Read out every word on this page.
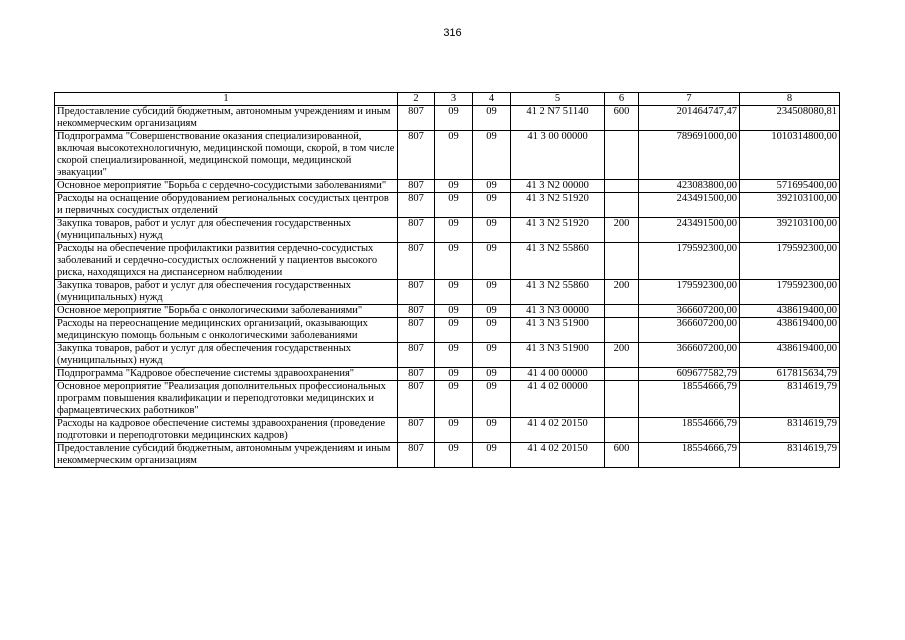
316
1	2	3	4	5	6	7	8
Предоставление субсидий бюджетным, автономным учреждениям и иным некоммерческим организациям	807	09	09	41 2 N7 51140	600	201464747,47	234508080,81
Подпрограмма "Совершенствование оказания специализированной, включая высокотехнологичную, медицинской помощи, скорой, в том числе скорой специализированной, медицинской помощи, медицинской эвакуации"	807	09	09	41 3 00 00000		789691000,00	1010314800,00
Основное мероприятие "Борьба с сердечно-сосудистыми заболеваниями"	807	09	09	41 3 N2 00000		423083800,00	571695400,00
Расходы на оснащение оборудованием региональных сосудистых центров и первичных сосудистых отделений	807	09	09	41 3 N2 51920		243491500,00	392103100,00
Закупка товаров, работ и услуг для обеспечения государственных (муниципальных) нужд	807	09	09	41 3 N2 51920	200	243491500,00	392103100,00
Расходы на обеспечение профилактики развития сердечно-сосудистых заболеваний и сердечно-сосудистых осложнений у пациентов высокого риска, находящихся на диспансерном наблюдении	807	09	09	41 3 N2 55860		179592300,00	179592300,00
Закупка товаров, работ и услуг для обеспечения государственных (муниципальных) нужд	807	09	09	41 3 N2 55860	200	179592300,00	179592300,00
Основное мероприятие "Борьба с онкологическими заболеваниями"	807	09	09	41 3 N3 00000		366607200,00	438619400,00
Расходы на переоснащение медицинских организаций, оказывающих медицинскую помощь больным с онкологическими заболеваниями	807	09	09	41 3 N3 51900		366607200,00	438619400,00
Закупка товаров, работ и услуг для обеспечения государственных (муниципальных) нужд	807	09	09	41 3 N3 51900	200	366607200,00	438619400,00
Подпрограмма "Кадровое обеспечение системы здравоохранения"	807	09	09	41 4 00 00000		609677582,79	617815634,79
Основное мероприятие "Реализация дополнительных профессиональных программ повышения квалификации и переподготовки медицинских и фармацевтических работников"	807	09	09	41 4 02 00000		18554666,79	8314619,79
Расходы на кадровое обеспечение системы здравоохранения (проведение подготовки и переподготовки медицинских кадров)	807	09	09	41 4 02 20150		18554666,79	8314619,79
Предоставление субсидий бюджетным, автономным учреждениям и иным некоммерческим организациям	807	09	09	41 4 02 20150	600	18554666,79	8314619,79
